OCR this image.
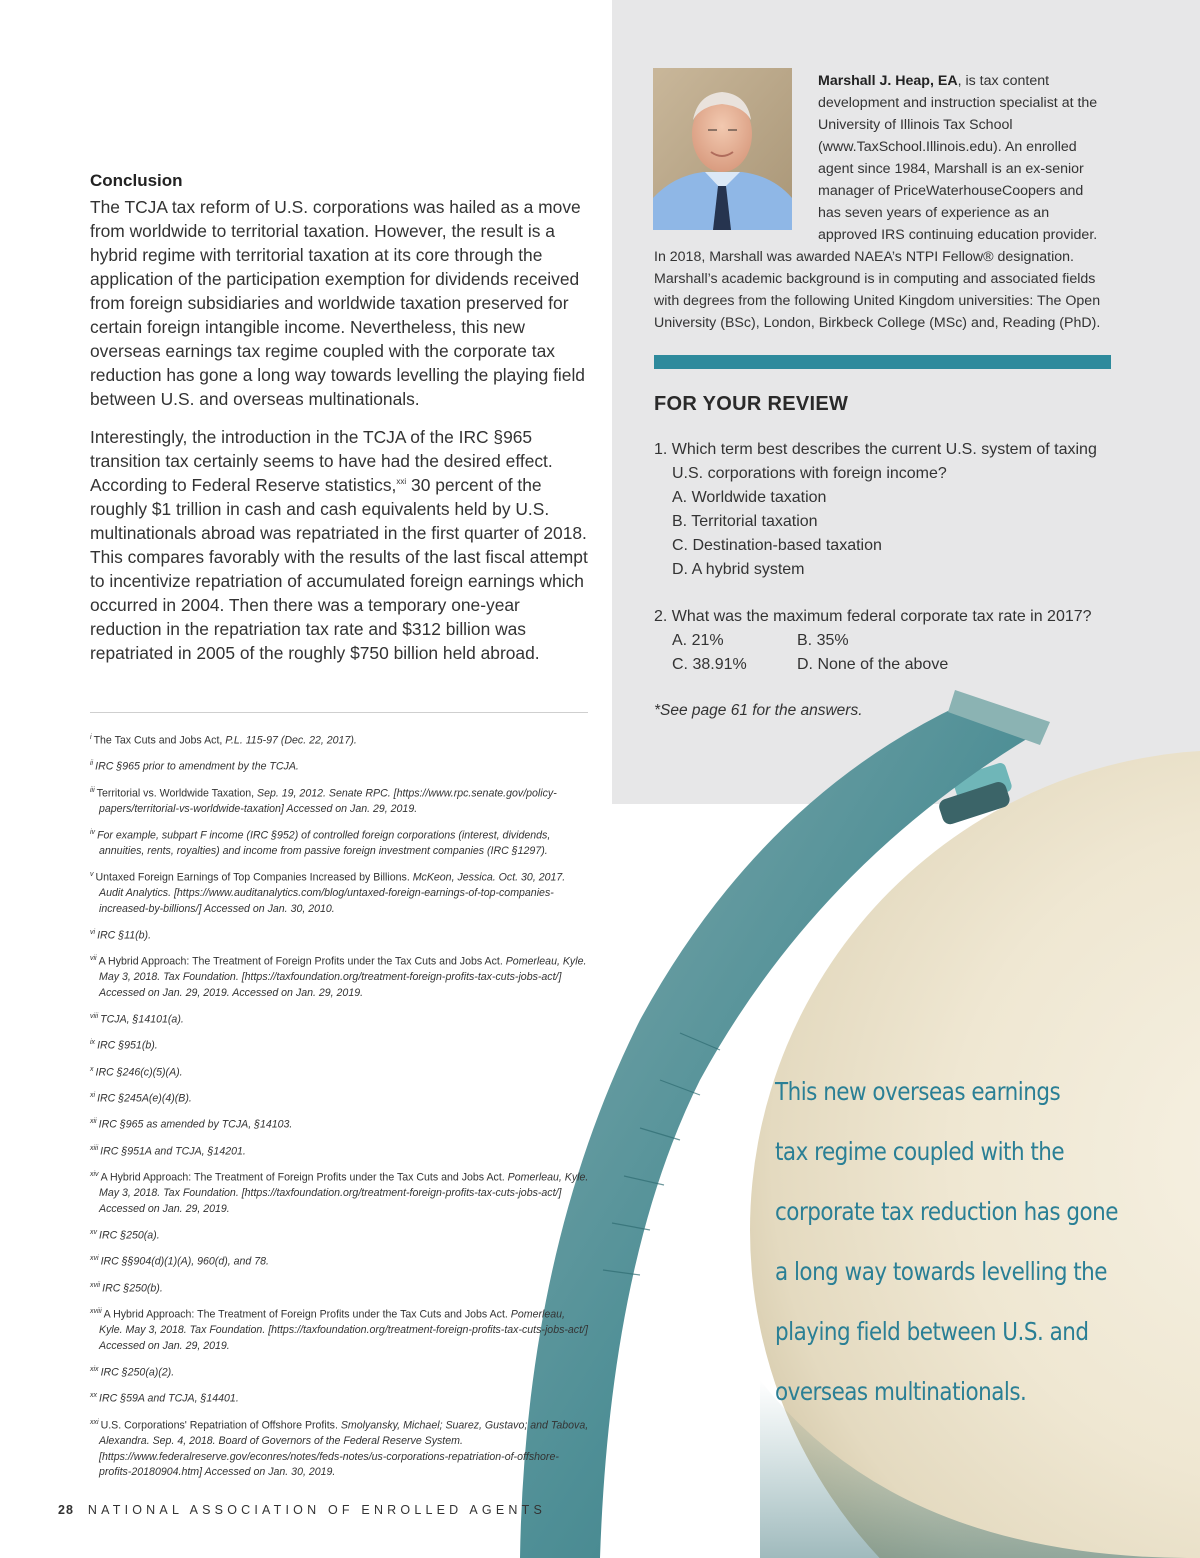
Conclusion

The TCJA tax reform of U.S. corporations was hailed as a move from worldwide to territorial taxation. However, the result is a hybrid regime with territorial taxation at its core through the application of the participation exemption for dividends received from foreign subsidiaries and worldwide taxation preserved for certain foreign intangible income. Nevertheless, this new overseas earnings tax regime coupled with the corporate tax reduction has gone a long way towards levelling the playing field between U.S. and overseas multinationals.

Interestingly, the introduction in the TCJA of the IRC §965 transition tax certainly seems to have had the desired effect. According to Federal Reserve statistics,$^{xxi}$ 30 percent of the roughly $1 trillion in cash and cash equivalents held by U.S. multinationals abroad was repatriated in the first quarter of 2018. This compares favorably with the results of the last fiscal attempt to incentivize repatriation of accumulated foreign earnings which occurred in 2004. Then there was a temporary one-year reduction in the repatriation tax rate and $312 billion was repatriated in 2005 of the roughly $750 billion held abroad.

$^i$ The Tax Cuts and Jobs Act, P.L. 115-97 (Dec. 22, 2017).

$^{ii}$ IRC §965 prior to amendment by the TCJA.

$^{iii}$ Territorial vs. Worldwide Taxation, Sep. 19, 2012. Senate RPC. [https://www.rpc.senate.gov/policy-papers/territorial-vs-worldwide-taxation] Accessed on Jan. 29, 2019.

$^{iv}$ For example, subpart F income (IRC §952) of controlled foreign corporations (interest, dividends, annuities, rents, royalties) and income from passive foreign investment companies (IRC §1297).

$^v$ Untaxed Foreign Earnings of Top Companies Increased by Billions. McKeon, Jessica. Oct. 30, 2017. Audit Analytics. [https://www.auditanalytics.com/blog/untaxed-foreign-earnings-of-top-companies-increased-by-billions/] Accessed on Jan. 30, 2010.

$^{vi}$ IRC §11(b).

$^{vii}$ A Hybrid Approach: The Treatment of Foreign Profits under the Tax Cuts and Jobs Act. Pomerleau, Kyle. May 3, 2018. Tax Foundation. [https://taxfoundation.org/treatment-foreign-profits-tax-cuts-jobs-act/] Accessed on Jan. 29, 2019. Accessed on Jan. 29, 2019.

$^{viii}$ TCJA, §14101(a).

$^{ix}$ IRC §951(b).

$^x$ IRC §246(c)(5)(A).

$^{xi}$ IRC §245A(e)(4)(B).

$^{xii}$ IRC §965 as amended by TCJA, §14103.

$^{xiii}$ IRC §951A and TCJA, §14201.

$^{xiv}$ A Hybrid Approach: The Treatment of Foreign Profits under the Tax Cuts and Jobs Act. Pomerleau, Kyle. May 3, 2018. Tax Foundation. [https://taxfoundation.org/treatment-foreign-profits-tax-cuts-jobs-act/] Accessed on Jan. 29, 2019.

$^{xv}$ IRC §250(a).

$^{xvi}$ IRC §§904(d)(1)(A), 960(d), and 78.

$^{xvii}$ IRC §250(b).

$^{xviii}$ A Hybrid Approach: The Treatment of Foreign Profits under the Tax Cuts and Jobs Act. Pomerleau, Kyle. May 3, 2018. Tax Foundation. [https://taxfoundation.org/treatment-foreign-profits-tax-cuts-jobs-act/] Accessed on Jan. 29, 2019.

$^{xix}$ IRC §250(a)(2).

$^{xx}$ IRC §59A and TCJA, §14401.

$^{xxi}$ U.S. Corporations' Repatriation of Offshore Profits. Smolyansky, Michael; Suarez, Gustavo; and Tabova, Alexandra. Sep. 4, 2018. Board of Governors of the Federal Reserve System. [https://www.federalreserve.gov/econres/notes/feds-notes/us-corporations-repatriation-of-offshore-profits-20180904.htm] Accessed on Jan. 30, 2019.

28 NATIONAL ASSOCIATION OF ENROLLED AGENTS
Marshall J. Heap, EA, is tax content development and instruction specialist at the University of Illinois Tax School (www.TaxSchool.Illinois.edu). An enrolled agent since 1984, Marshall is an ex-senior manager of PriceWaterhouseCoopers and has seven years of experience as an approved IRS continuing education provider. In 2018, Marshall was awarded NAEA’s NTPI Fellow® designation. Marshall’s academic background is in computing and associated fields with degrees from the following United Kingdom universities: The Open University (BSc), London, Birkbeck College (MSc) and, Reading (PhD).
FOR YOUR REVIEW
1. Which term best describes the current U.S. system of taxing
U.S. corporations with foreign income?
A. Worldwide taxation
B. Territorial taxation
C. Destination-based taxation
D. A hybrid system
2. What was the maximum federal corporate tax rate in 2017?
A. 21%	B. 35%
C. 38.91%	D. None of the above
*See page 61 for the answers.
This new overseas earnings
tax regime coupled with the
corporate tax reduction has gone
a long way towards levelling the
playing field between U.S. and
overseas multinationals.
